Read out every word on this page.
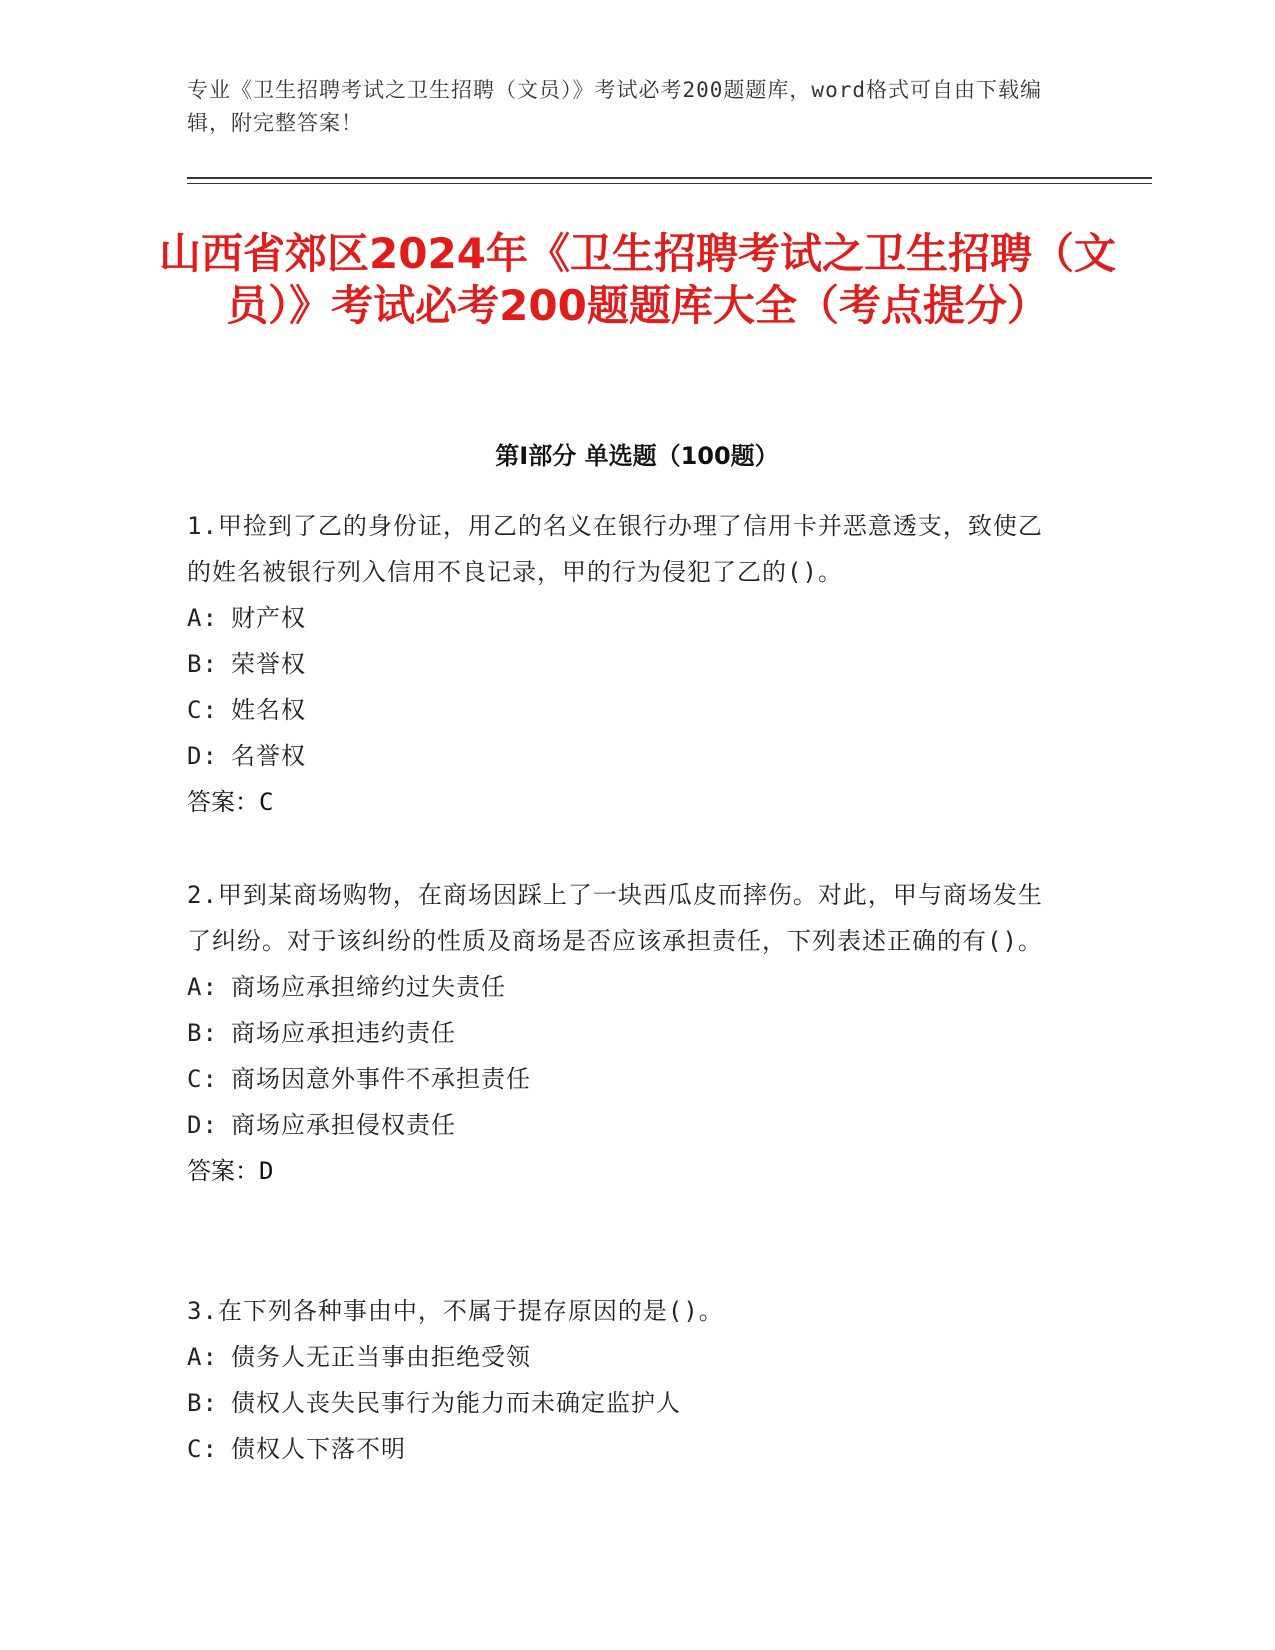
专业《卫生招聘考试之卫生招聘（文员）》考试必考200题题库，word格式可自由下载编辑，附完整答案！
山西省郊区2024年《卫生招聘考试之卫生招聘（文员）》考试必考200题题库大全（考点提分）
第Ⅰ部分 单选题（100题）
1.甲捡到了乙的身份证，用乙的名义在银行办理了信用卡并恶意透支，致使乙的姓名被银行列入信用不良记录，甲的行为侵犯了乙的()。
A: 财产权
B: 荣誉权
C: 姓名权
D: 名誉权
答案：C
2.甲到某商场购物，在商场因踩上了一块西瓜皮而摔伤。对此，甲与商场发生了纠纷。对于该纠纷的性质及商场是否应该承担责任，下列表述正确的有()。
A: 商场应承担缔约过失责任
B: 商场应承担违约责任
C: 商场因意外事件不承担责任
D: 商场应承担侵权责任
答案：D
3.在下列各种事由中，不属于提存原因的是()。
A: 债务人无正当事由拒绝受领
B: 债权人丧失民事行为能力而未确定监护人
C: 债权人下落不明
